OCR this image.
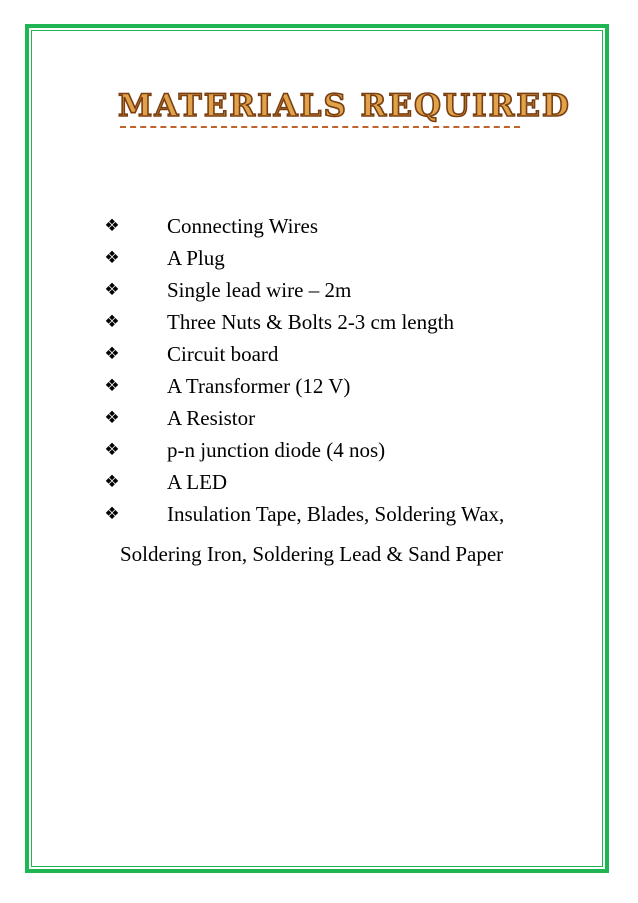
MATERIALS REQUIRED
❖ Connecting Wires
❖ A Plug
❖ Single lead wire – 2m
❖ Three Nuts & Bolts 2-3 cm length
❖ Circuit board
❖ A Transformer (12 V)
❖ A Resistor
❖ p-n junction diode (4 nos)
❖ A LED
❖ Insulation Tape, Blades, Soldering Wax,
Soldering Iron, Soldering Lead & Sand Paper
